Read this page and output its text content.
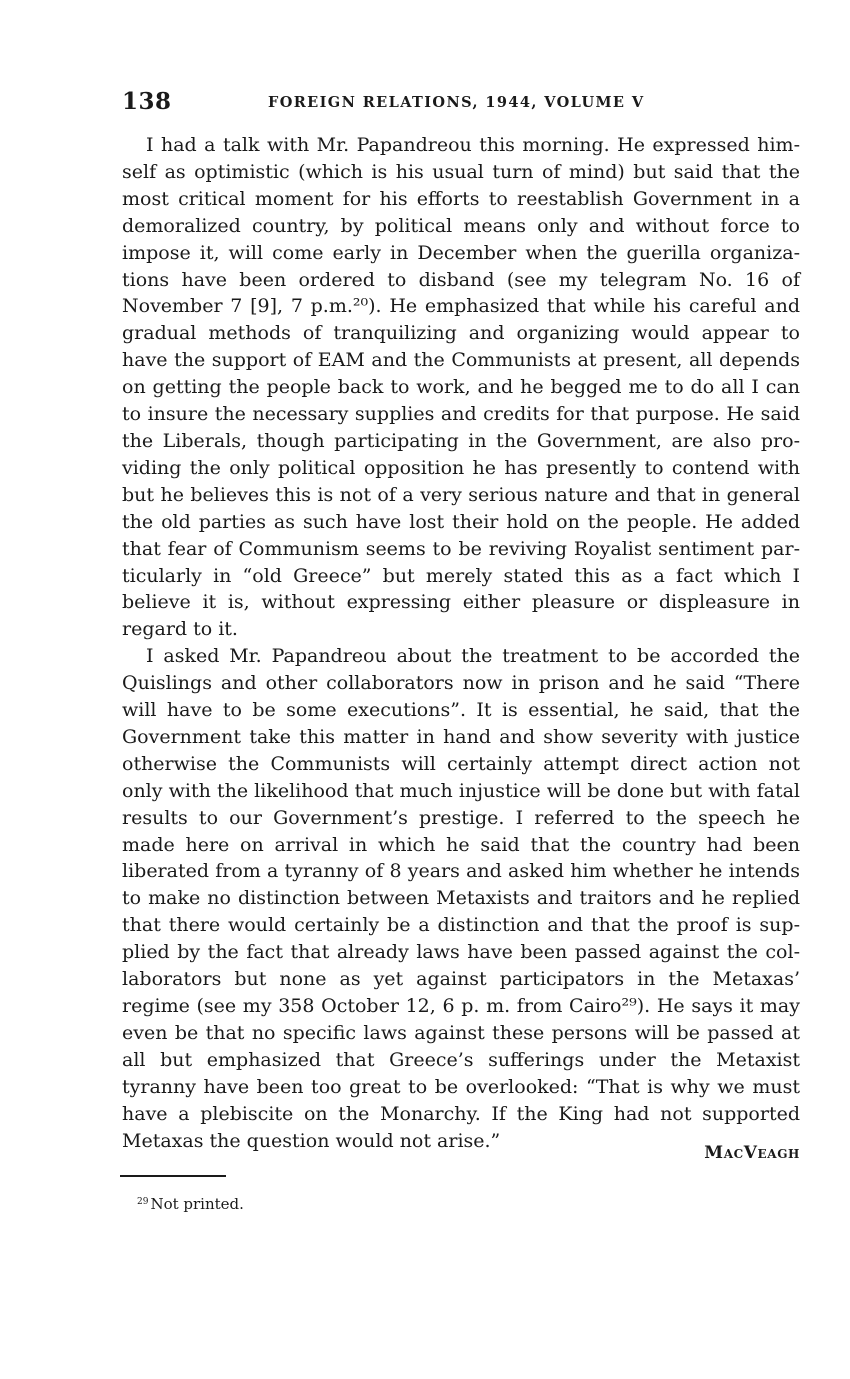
138	FOREIGN RELATIONS, 1944, VOLUME V

I had a talk with Mr. Papandreou this morning. He expressed himself as optimistic (which is his usual turn of mind) but said that the most critical moment for his efforts to reestablish Government in a demoralized country, by political means only and without force to impose it, will come early in December when the guerilla organizations have been ordered to disband (see my telegram No. 16 of November 7 [9], 7 p.m.²⁰). He emphasized that while his careful and gradual methods of tranquilizing and organizing would appear to have the support of EAM and the Communists at present, all depends on getting the people back to work, and he begged me to do all I can to insure the necessary supplies and credits for that purpose. He said the Liberals, though participating in the Government, are also providing the only political opposition he has presently to contend with but he believes this is not of a very serious nature and that in general the old parties as such have lost their hold on the people. He added that fear of Communism seems to be reviving Royalist sentiment particularly in “old Greece” but merely stated this as a fact which I believe it is, without expressing either pleasure or displeasure in regard to it.

I asked Mr. Papandreou about the treatment to be accorded the Quislings and other collaborators now in prison and he said “There will have to be some executions”. It is essential, he said, that the Government take this matter in hand and show severity with justice otherwise the Communists will certainly attempt direct action not only with the likelihood that much injustice will be done but with fatal results to our Government’s prestige. I referred to the speech he made here on arrival in which he said that the country had been liberated from a tyranny of 8 years and asked him whether he intends to make no distinction between Metaxists and traitors and he replied that there would certainly be a distinction and that the proof is supplied by the fact that already laws have been passed against the collaborators but none as yet against participators in the Metaxas’ regime (see my 358 October 12, 6 p. m. from Cairo²⁹). He says it may even be that no specific laws against these persons will be passed at all but emphasized that Greece’s sufferings under the Metaxist tyranny have been too great to be overlooked: “That is why we must have a plebiscite on the Monarchy. If the King had not supported Metaxas the question would not arise.”

MacVeagh
$^{29}$ Not printed.
